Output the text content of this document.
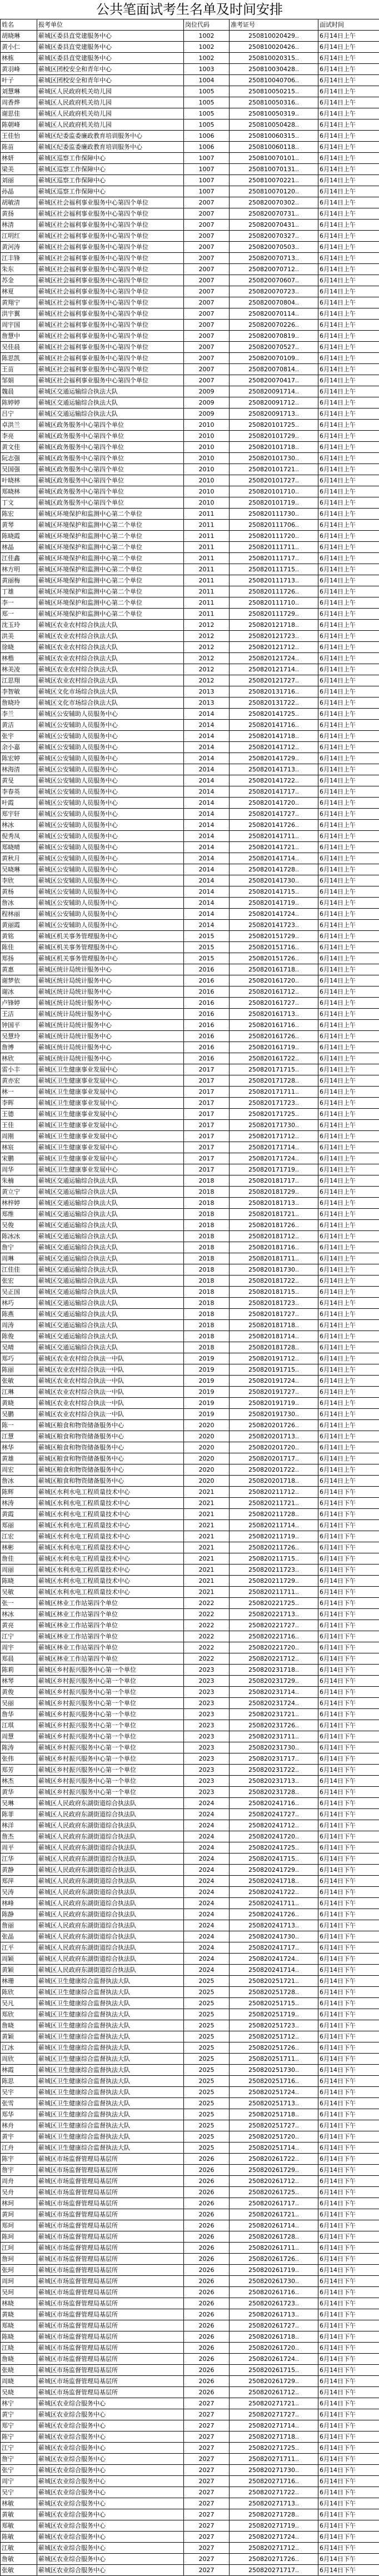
公共笔面试考生名单及时间安排
姓名	报考单位	岗位代码	准考证号	面试时间
胡晓琳	蕲城区委县直党建服务中心	1002	250810020429..	6月14日上午
黄小仁	蕲城区委县直党建服务中心	1002	250810020426..	6月14日上午
林栋	蕲城区委县直党建服务中心	1002	250810020315..	6月14日上午
黄羽峰	蕲城区团校安全和青年中心	1003	250810030428..	6月14日上午
叶子	蕲城区团校安全和青年中心	1004	250810040706..	6月14日上午
刘慧琳	蕲城区人民政府机关幼儿园	1005	250810050215..	6月14日上午
周香烨	蕲城区人民政府机关幼儿园	1005	250810050316..	6月14日上午
谢思佳	蕲城区人民政府机关幼儿园	1005	250810050319..	6月14日上午
陈朝峰	蕲城区人民政府机关幼儿园	1005	250810050428..	6月14日上午
王佳怡	蕲城区纪委监委廉政教育培训服务中心	1006	250810060315..	6月14日上午
陈苗	蕲城区纪委监委廉政教育培训服务中心	1006	250810060118..	6月14日上午
林妍	蕲城区巡察工作保障中心	1007	250810070101..	6月14日上午
梁美	蕲城区巡察工作保障中心	1007	250810070131..	6月14日上午
刘丽	蕲城区巡察工作保障中心	1007	250810070221..	6月14日上午
孙晶	蕲城区巡察工作保障中心	1007	250810070120..	6月14日上午
胡敏清	蕲城区社会福利事业服务中心第四个单位	2007	250820070302..	6月14日上午
黄扬	蕲城区社会福利事业服务中心第四个单位	2007	250820070731..	6月14日上午
林清	蕲城区社会福利事业服务中心第四个单位	2007	250820070431..	6月14日上午
江明红	蕲城区社会福利事业服务中心第四个单位	2007	250820070327..	6月14日上午
黄河涛	蕲城区社会福利事业服务中心第四个单位	2007	250820070503..	6月14日上午
江丰锋	蕲城区社会福利事业服务中心第四个单位	2007	250820070713..	6月14日上午
朱东	蕲城区社会福利事业服务中心第四个单位	2007	250820070712..	6月14日上午
苏金	蕲城区社会福利事业服务中心第四个单位	2007	250820070607..	6月14日上午
林夏	蕲城区社会福利事业服务中心第四个单位	2007	250820070723..	6月14日上午
黄翔宁	蕲城区社会福利事业服务中心第四个单位	2007	250820070804..	6月14日上午
洪宇翼	蕲城区社会福利事业服务中心第四个单位	2007	250820070114..	6月14日上午
周宇国	蕲城区社会福利事业服务中心第四个单位	2007	250820070226..	6月14日上午
詹慧中	蕲城区社会福利事业服务中心第四个单位	2007	250820070819..	6月14日上午
吴佳晨	蕲城区社会福利事业服务中心第四个单位	2007	250820070527..	6月14日上午
陈思凯	蕲城区社会福利事业服务中心第四个单位	2007	250820070109..	6月14日上午
王苗	蕲城区社会福利事业服务中心第四个单位	2007	250820070814..	6月14日上午
邹娟	蕲城区社会福利事业服务中心第四个单位	2007	250820070417..	6月14日上午
魏晨	蕲城区交通运输综合执法大队	2009	250820091714..	6月14日上午
陈婷婷	蕲城区交通运输综合执法大队	2009	250820091712..	6月14日上午
吕宁	蕲城区交通运输综合执法大队	2009	250820091713..	6月14日上午
卓洪兰	蕲城区政务服务中心第四个单位	2010	250820101725..	6月14日上午
李亮	蕲城区政务服务中心第四个单位	2010	250820101729..	6月14日上午
黄文佳	蕲城区政务服务中心第四个单位	2010	250820101718..	6月14日上午
阮志强	蕲城区政务服务中心第四个单位	2010	250820101730..	6月14日上午
吴国强	蕲城区政务服务中心第四个单位	2010	250820101721..	6月14日上午
叶晓林	蕲城区政务服务中心第四个单位	2010	250820101727..	6月14日上午
郑晓林	蕲城区政务服务中心第四个单位	2010	250820101710..	6月14日上午
丁文	蕲城区政务服务中心第四个单位	2010	250820101719..	6月14日上午
陈宏	蕲城区环境保护和监测中心第二个单位	2011	250820111730..	6月14日上午
黄琴	蕲城区环境保护和监测中心第二个单位	2011	250820111706..	6月14日上午
陈晓霞	蕲城区环境保护和监测中心第二个单位	2011	250820111720..	6月14日上午
林晶	蕲城区环境保护和监测中心第二个单位	2011	250820111711..	6月14日上午
江佳鑫	蕲城区环境保护和监测中心第二个单位	2011	250820111717..	6月14日上午
林方明	蕲城区环境保护和监测中心第二个单位	2011	250820111715..	6月14日上午
黄丽梅	蕲城区环境保护和监测中心第二个单位	2011	250820111713..	6月14日上午
丁雄	蕲城区环境保护和监测中心第二个单位	2011	250820111726..	6月14日上午
李一	蕲城区环境保护和监测中心第二个单位	2011	250820111710..	6月14日上午
郑一	蕲城区环境保护和监测中心第二个单位	2011	250820111729..	6月14日上午
沈玉玲	蕲城区农业农村综合执法大队	2012	250820121718..	6月14日上午
洪美	蕲城区农业农村综合执法大队	2012	250820121723..	6月14日上午
徐晓	蕲城区农业农村综合执法大队	2012	250820121712..	6月14日上午
林楷	蕲城区农业农村综合执法大队	2012	250820121724..	6月14日上午
林美凌	蕲城区农业农村综合执法大队	2012	250820121714..	6月14日上午
江思翔	蕲城区农业农村综合执法大队	2012	250820121727..	6月14日上午
李智敏	蕲城区文化市场综合执法大队	2013	250820131716..	6月14日上午
詹晓玲	蕲城区文化市场综合执法大队	2013	250820131722..	6月14日上午
李兰	蕲城区公安辅助人员服务中心	2014	250820141725..	6月14日上午
黄洁	蕲城区公安辅助人员服务中心	2014	250820141716..	6月14日上午
张宇	蕲城区公安辅助人员服务中心	2014	250820141718..	6月14日上午
余小嘉	蕲城区公安辅助人员服务中心	2014	250820141712..	6月14日上午
陈宏婷	蕲城区公安辅助人员服务中心	2014	250820141729..	6月14日上午
林海清	蕲城区公安辅助人员服务中心	2014	250820141713..	6月14日上午
黄旻	蕲城区公安辅助人员服务中心	2014	250820141722..	6月14日上午
李春英	蕲城区公安辅助人员服务中心	2014	250820141717..	6月14日上午
叶霞	蕲城区公安辅助人员服务中心	2014	250820141720..	6月14日上午
郑宇轩	蕲城区公安辅助人员服务中心	2014	250820141727..	6月14日上午
林冰	蕲城区公安辅助人员服务中心	2014	250820141726..	6月14日上午
倪秀凤	蕲城区公安辅助人员服务中心	2014	250820141711..	6月14日上午
郑晓晴	蕲城区公安辅助人员服务中心	2014	250820141721..	6月14日上午
黄秋月	蕲城区公安辅助人员服务中心	2014	250820141714..	6月14日上午
吴晓琳	蕲城区公安辅助人员服务中心	2014	250820141728..	6月14日上午
李欣	蕲城区公安辅助人员服务中心	2014	250820141730..	6月14日上午
黄杨	蕲城区公安辅助人员服务中心	2014	250820141715..	6月14日上午
詹冰	蕲城区公安辅助人员服务中心	2014	250820141719..	6月14日上午
程林丽	蕲城区公安辅助人员服务中心	2014	250820141724..	6月14日上午
黄丽霞	蕲城区公安辅助人员服务中心	2014	250820141723..	6月14日上午
黄铭	蕲城区机关事务管理服务中心	2015	250820151729..	6月14日上午
陈佳	蕲城区机关事务管理服务中心	2015	250820151716..	6月14日上午
郑扬	蕲城区机关事务管理服务中心	2015	250820151726..	6月14日上午
黄惠	蕲城区统计局统计服务中心	2016	250820161718..	6月14日上午
谢梦依	蕲城区统计局统计服务中心	2016	250820161720..	6月14日上午
谢冰	蕲城区统计局统计服务中心	2016	250820161712..	6月14日上午
卢锋婷	蕲城区统计局统计服务中心	2016	250820161727..	6月14日上午
王洁	蕲城区统计局统计服务中心	2016	250820161713..	6月14日上午
钟国平	蕲城区统计局统计服务中心	2016	250820161716..	6月14日上午
吴慧玲	蕲城区统计局统计服务中心	2016	250820161726..	6月14日上午
詹博	蕲城区统计局统计服务中心	2016	250820161719..	6月14日上午
林欣	蕲城区统计局统计服务中心	2016	250820161722..	6月14日上午
雷小丰	蕲城区卫生健康事业发展中心	2017	250820171715..	6月14日上午
黄亦宏	蕲城区卫生健康事业发展中心	2017	250820171728..	6月14日上午
林一	蕲城区卫生健康事业发展中心	2017	250820171711..	6月14日上午
李晖	蕲城区卫生健康事业发展中心	2017	250820171723..	6月14日上午
王德	蕲城区卫生健康事业发展中心	2017	250820171725..	6月14日上午
王佳	蕲城区卫生健康事业发展中心	2017	250820171730..	6月14日上午
周刚	蕲城区卫生健康事业发展中心	2017	250820171712..	6月14日上午
林宸	蕲城区卫生健康事业发展中心	2017	250820171714..	6月14日上午
宋鹏	蕲城区卫生健康事业发展中心	2017	250820171724..	6月14日上午
周华	蕲城区卫生健康事业发展中心	2017	250820171719..	6月14日上午
朱楠	蕲城区交通运输综合执法大队	2018	250820181717..	6月14日上午
黄立宁	蕲城区交通运输综合执法大队	2018	250820181729..	6月14日上午
林梓婷	蕲城区交通运输综合执法大队	2018	250820181713..	6月14日上午
郑维	蕲城区交通运输综合执法大队	2018	250820181721..	6月14日上午
吴俊	蕲城区交通运输综合执法大队	2018	250820181726..	6月14日上午
陈冰冰	蕲城区交通运输综合执法大队	2018	250820181712..	6月14日上午
詹宁	蕲城区交通运输综合执法大队	2018	250820181716..	6月14日上午
周琳	蕲城区交通运输综合执法大队	2018	250820181711..	6月14日上午
江佳佳	蕲城区交通运输综合执法大队	2018	250820181730..	6月14日上午
张宏	蕲城区交通运输综合执法大队	2018	250820181722..	6月14日上午
吴正国	蕲城区交通运输综合执法大队	2018	250820181715..	6月14日上午
林巧	蕲城区交通运输综合执法大队	2018	250820181723..	6月14日上午
陈燕	蕲城区交通运输综合执法大队	2018	250820181727..	6月14日上午
周涛	蕲城区交通运输综合执法大队	2018	250820181718..	6月14日上午
陈俊	蕲城区交通运输综合执法大队	2018	250820181714..	6月14日上午
吴晴	蕲城区交通运输综合执法大队	2018	250820181728..	6月14日上午
郑巧	蕲城区农业农村综合执法一中队	2019	250820191712..	6月14日上午
陈丽	蕲城区农业农村综合执法一中队	2019	250820191715..	6月14日上午
张敏	蕲城区农业农村综合执法一中队	2019	250820191724..	6月14日上午
江琳	蕲城区农业农村综合执法一中队	2019	250820191727..	6月14日上午
黄晓	蕲城区农业农村综合执法一中队	2019	250820191719..	6月14日上午
吴鹏	蕲城区农业农村综合执法一中队	2019	250820191730..	6月14日上午
陈一	蕲城区粮食和物资储备服务中心	2020	250820201726..	6月14日上午
江慧	蕲城区粮食和物资储备服务中心	2020	250820201713..	6月14日上午
林华	蕲城区粮食和物资储备服务中心	2020	250820201720..	6月14日上午
黄雄	蕲城区粮食和物资储备服务中心	2020	250820201717..	6月14日上午
周宏	蕲城区粮食和物资储备服务中心	2020	250820201722..	6月14日上午
詹冰	蕲城区粮食和物资储备服务中心	2020	250820201718..	6月14日上午
陈辉	蕲城区水利水电工程质量技术中心	2021	250820211712..	6月14日下午
林涛	蕲城区水利水电工程质量技术中心	2021	250820211721..	6月14日下午
黄霞	蕲城区水利水电工程质量技术中心	2021	250820211728..	6月14日下午
郑丽	蕲城区水利水电工程质量技术中心	2021	250820211714..	6月14日下午
江宏	蕲城区水利水电工程质量技术中心	2021	250820211719..	6月14日下午
林彬	蕲城区水利水电工程质量技术中心	2021	250820211726..	6月14日下午
詹佳	蕲城区水利水电工程质量技术中心	2021	250820211715..	6月14日下午
周丽	蕲城区水利水电工程质量技术中心	2021	250820211723..	6月14日下午
陈晓	蕲城区水利水电工程质量技术中心	2021	250820211729..	6月14日下午
吴敏	蕲城区水利水电工程质量技术中心	2021	250820211711..	6月14日下午
张一	蕲城区林业工作站第四个单位	2022	250820221725..	6月14日下午
林冰	蕲城区林业工作站第四个单位	2022	250820221713..	6月14日下午
黄亮	蕲城区林业工作站第四个单位	2022	250820221727..	6月14日下午
江宁	蕲城区林业工作站第四个单位	2022	250820221716..	6月14日下午
周宇	蕲城区林业工作站第四个单位	2022	250820221720..	6月14日下午
郑晨	蕲城区林业工作站第四个单位	2022	250820221712..	6月14日下午
陈莉	蕲城区乡村振兴服务中心第一个单位	2023	250820231718..	6月14日下午
林琴	蕲城区乡村振兴服务中心第一个单位	2023	250820231729..	6月14日下午
黄俊	蕲城区乡村振兴服务中心第一个单位	2023	250820231714..	6月14日下午
吴丽	蕲城区乡村振兴服务中心第一个单位	2023	250820231724..	6月14日下午
詹华	蕲城区乡村振兴服务中心第一个单位	2023	250820231721..	6月14日下午
江琪	蕲城区乡村振兴服务中心第一个单位	2023	250820231726..	6月14日下午
周慧	蕲城区乡村振兴服务中心第一个单位	2023	250820231711..	6月14日下午
陈涛	蕲城区乡村振兴服务中心第一个单位	2023	250820231730..	6月14日下午
张伟	蕲城区乡村振兴服务中心第一个单位	2023	250820231717..	6月14日下午
郑芳	蕲城区乡村振兴服务中心第一个单位	2023	250820231722..	6月14日下午
林杰	蕲城区乡村振兴服务中心第一个单位	2023	250820231713..	6月14日下午
黄华	蕲城区乡村振兴服务中心第一个单位	2023	250820231728..	6月14日下午
吴琳	蕲城区人民政府东湖街道综合执法队	2024	250820241716..	6月14日下午
陈菲	蕲城区人民政府东湖街道综合执法队	2024	250820241727..	6月14日下午
林洋	蕲城区人民政府东湖街道综合执法队	2024	250820241712..	6月14日下午
詹杰	蕲城区人民政府东湖街道综合执法队	2024	250820241720..	6月14日下午
周平	蕲城区人民政府东湖街道综合执法队	2024	250820241725..	6月14日下午
江华	蕲城区人民政府东湖街道综合执法队	2024	250820241715..	6月14日下午
黄静	蕲城区人民政府东湖街道综合执法队	2024	250820241729..	6月14日下午
郑萍	蕲城区人民政府东湖街道综合执法队	2024	250820241718..	6月14日下午
吴涛	蕲城区人民政府东湖街道综合执法队	2024	250820241722..	6月14日下午
林峰	蕲城区人民政府东湖街道综合执法队	2024	250820241711..	6月14日下午
陈静	蕲城区人民政府东湖街道综合执法队	2024	250820241726..	6月14日下午
詹丽	蕲城区人民政府东湖街道综合执法队	2024	250820241713..	6月14日下午
张晶	蕲城区人民政府东湖街道综合执法队	2024	250820241730..	6月14日下午
江平	蕲城区人民政府东湖街道综合执法队	2024	250820241717..	6月14日下午
周颖	蕲城区人民政府东湖街道综合执法队	2024	250820241724..	6月14日下午
黄颖	蕲城区人民政府东湖街道综合执法队	2024	250820241714..	6月14日下午
林珊	蕲城区卫生健康综合监督执法大队	2025	250820251721..	6月14日下午
陈欣	蕲城区卫生健康综合监督执法大队	2025	250820251728..	6月14日下午
吴凡	蕲城区卫生健康综合监督执法大队	2025	250820251715..	6月14日下午
郑欣	蕲城区卫生健康综合监督执法大队	2025	250820251719..	6月14日下午
詹晓	蕲城区卫生健康综合监督执法大队	2025	250820251723..	6月14日下午
黄颖	蕲城区卫生健康综合监督执法大队	2025	250820251712..	6月14日下午
江冰	蕲城区卫生健康综合监督执法大队	2025	250820251726..	6月14日下午
周欣	蕲城区卫生健康综合监督执法大队	2025	250820251711..	6月14日下午
林霞	蕲城区卫生健康综合监督执法大队	2025	250820251730..	6月14日下午
陈思	蕲城区卫生健康综合监督执法大队	2025	250820251716..	6月14日下午
吴宇	蕲城区卫生健康综合监督执法大队	2025	250820251724..	6月14日下午
张雪	蕲城区卫生健康综合监督执法大队	2025	250820251713..	6月14日下午
郑华	蕲城区卫生健康综合监督执法大队	2025	250820251718..	6月14日下午
林舟	蕲城区卫生健康综合监督执法大队	2025	250820251727..	6月14日下午
黄宇	蕲城区卫生健康综合监督执法大队	2025	250820251720..	6月14日下午
江舟	蕲城区卫生健康综合监督执法大队	2025	250820251714..	6月14日下午
陈宇	蕲城区市场监督管理局基层所	2026	250820261722..	6月14日下午
詹宇	蕲城区市场监督管理局基层所	2026	250820261729..	6月14日下午
周舟	蕲城区市场监督管理局基层所	2026	250820261712..	6月14日下午
吴舟	蕲城区市场监督管理局基层所	2026	250820261725..	6月14日下午
林珂	蕲城区市场监督管理局基层所	2026	250820261717..	6月14日下午
黄珂	蕲城区市场监督管理局基层所	2026	250820261721..	6月14日下午
郑珂	蕲城区市场监督管理局基层所	2026	250820261714..	6月14日下午
陈珂	蕲城区市场监督管理局基层所	2026	250820261728..	6月14日下午
江珂	蕲城区市场监督管理局基层所	2026	250820261711..	6月14日下午
詹珂	蕲城区市场监督管理局基层所	2026	250820261726..	6月14日下午
张珂	蕲城区市场监督管理局基层所	2026	250820261719..	6月14日下午
周珂	蕲城区市场监督管理局基层所	2026	250820261730..	6月14日下午
吴珂	蕲城区市场监督管理局基层所	2026	250820261716..	6月14日下午
林晓	蕲城区市场监督管理局基层所	2026	250820261723..	6月14日下午
黄晓	蕲城区市场监督管理局基层所	2026	250820261713..	6月14日下午
郑晓	蕲城区市场监督管理局基层所	2026	250820261727..	6月14日下午
陈晓	蕲城区市场监督管理局基层所	2026	250820261718..	6月14日下午
江晓	蕲城区市场监督管理局基层所	2026	250820261720..	6月14日下午
詹晓	蕲城区市场监督管理局基层所	2026	250820261724..	6月14日下午
张晓	蕲城区市场监督管理局基层所	2026	250820261715..	6月14日下午
周晓	蕲城区市场监督管理局基层所	2026	250820261729..	6月14日下午
吴晓	蕲城区市场监督管理局基层所	2026	250820261712..	6月14日下午
林宁	蕲城区农业综合服务中心	2027	250820271721..	6月14日下午
黄宁	蕲城区农业综合服务中心	2027	250820271727..	6月14日下午
郑宁	蕲城区农业综合服务中心	2027	250820271714..	6月14日下午
陈宁	蕲城区农业综合服务中心	2027	250820271718..	6月14日下午
江宁	蕲城区农业综合服务中心	2027	250820271725..	6月14日下午
詹宁	蕲城区农业综合服务中心	2027	250820271711..	6月14日下午
张宁	蕲城区农业综合服务中心	2027	250820271730..	6月14日下午
周宁	蕲城区农业综合服务中心	2027	250820271716..	6月14日下午
吴宁	蕲城区农业综合服务中心	2027	250820271722..	6月14日下午
林敏	蕲城区农业综合服务中心	2027	250820271713..	6月14日下午
黄敏	蕲城区农业综合服务中心	2027	250820271728..	6月14日下午
郑敏	蕲城区农业综合服务中心	2027	250820271719..	6月14日下午
陈敏	蕲城区农业综合服务中心	2027	250820271724..	6月14日下午
江敏	蕲城区农业综合服务中心	2027	250820271712..	6月14日下午
詹敏	蕲城区农业综合服务中心	2027	250820271726..	6月14日下午
张敏	蕲城区农业综合服务中心	2027	250820271717..	6月14日下午
